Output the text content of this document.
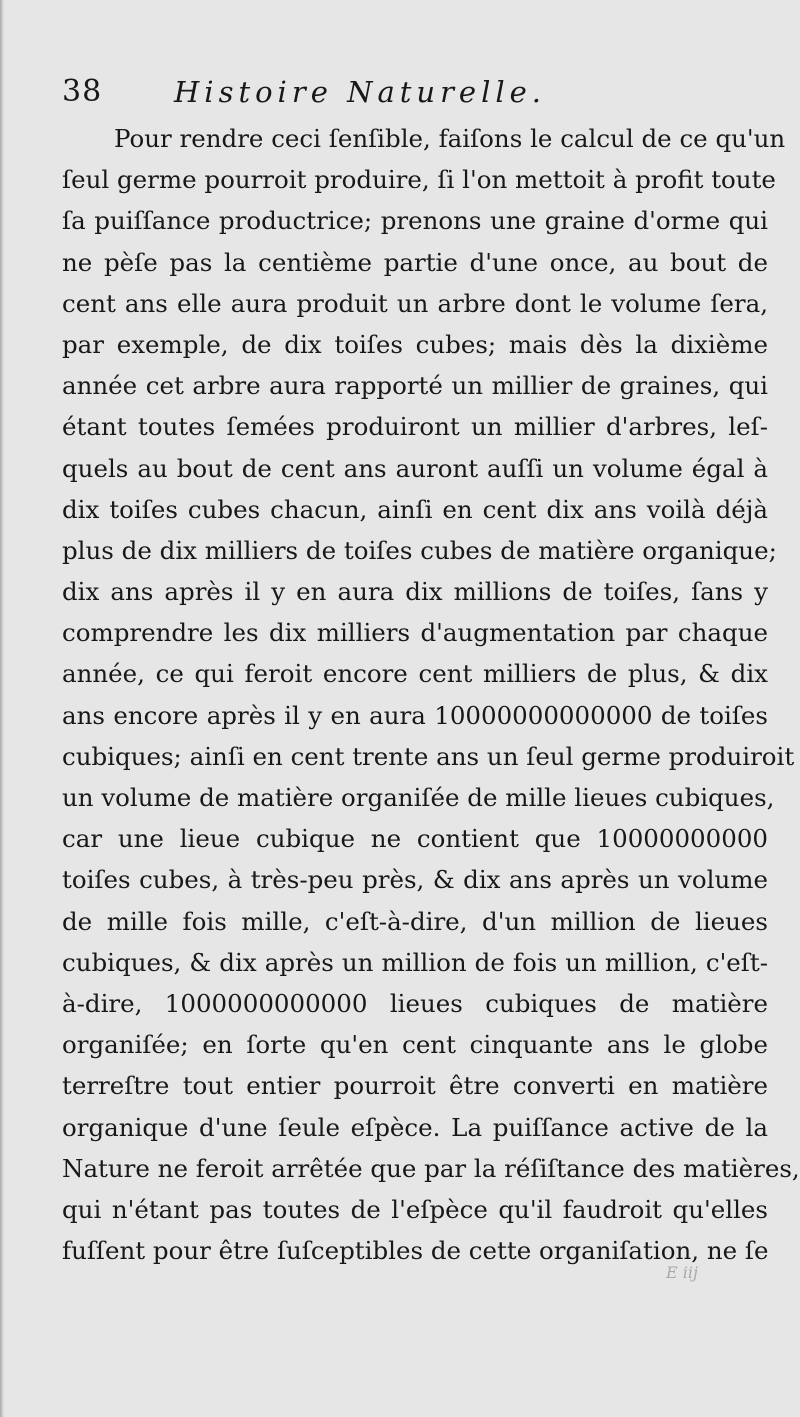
38 Histoire Naturelle.
Pour rendre ceci ſenſible, faiſons le calcul de ce qu'un
ſeul germe pourroit produire, ſi l'on mettoit à profit toute
ſa puiſſance productrice; prenons une graine d'orme qui
ne pèſe pas la centième partie d'une once, au bout de
cent ans elle aura produit un arbre dont le volume ſera,
par exemple, de dix toiſes cubes; mais dès la dixième
année cet arbre aura rapporté un millier de graines, qui
étant toutes ſemées produiront un millier d'arbres, leſ-
quels au bout de cent ans auront auſſi un volume égal à
dix toiſes cubes chacun, ainſi en cent dix ans voilà déjà
plus de dix milliers de toiſes cubes de matière organique;
dix ans après il y en aura dix millions de toiſes, ſans y
comprendre les dix milliers d'augmentation par chaque
année, ce qui feroit encore cent milliers de plus, & dix
ans encore après il y en aura 10000000000000 de toiſes
cubiques; ainſi en cent trente ans un ſeul germe produiroit
un volume de matière organiſée de mille lieues cubiques,
car une lieue cubique ne contient que 10000000000
toiſes cubes, à très-peu près, & dix ans après un volume
de mille fois mille, c'eſt-à-dire, d'un million de lieues
cubiques, & dix après un million de fois un million, c'eſt-
à-dire, 1000000000000 lieues cubiques de matière
organiſée; en ſorte qu'en cent cinquante ans le globe
terreſtre tout entier pourroit être converti en matière
organique d'une ſeule eſpèce. La puiſſance active de la
Nature ne feroit arrêtée que par la réſiſtance des matières,
qui n'étant pas toutes de l'eſpèce qu'il faudroit qu'elles
fuſſent pour être ſuſceptibles de cette organiſation, ne ſe
E iij
